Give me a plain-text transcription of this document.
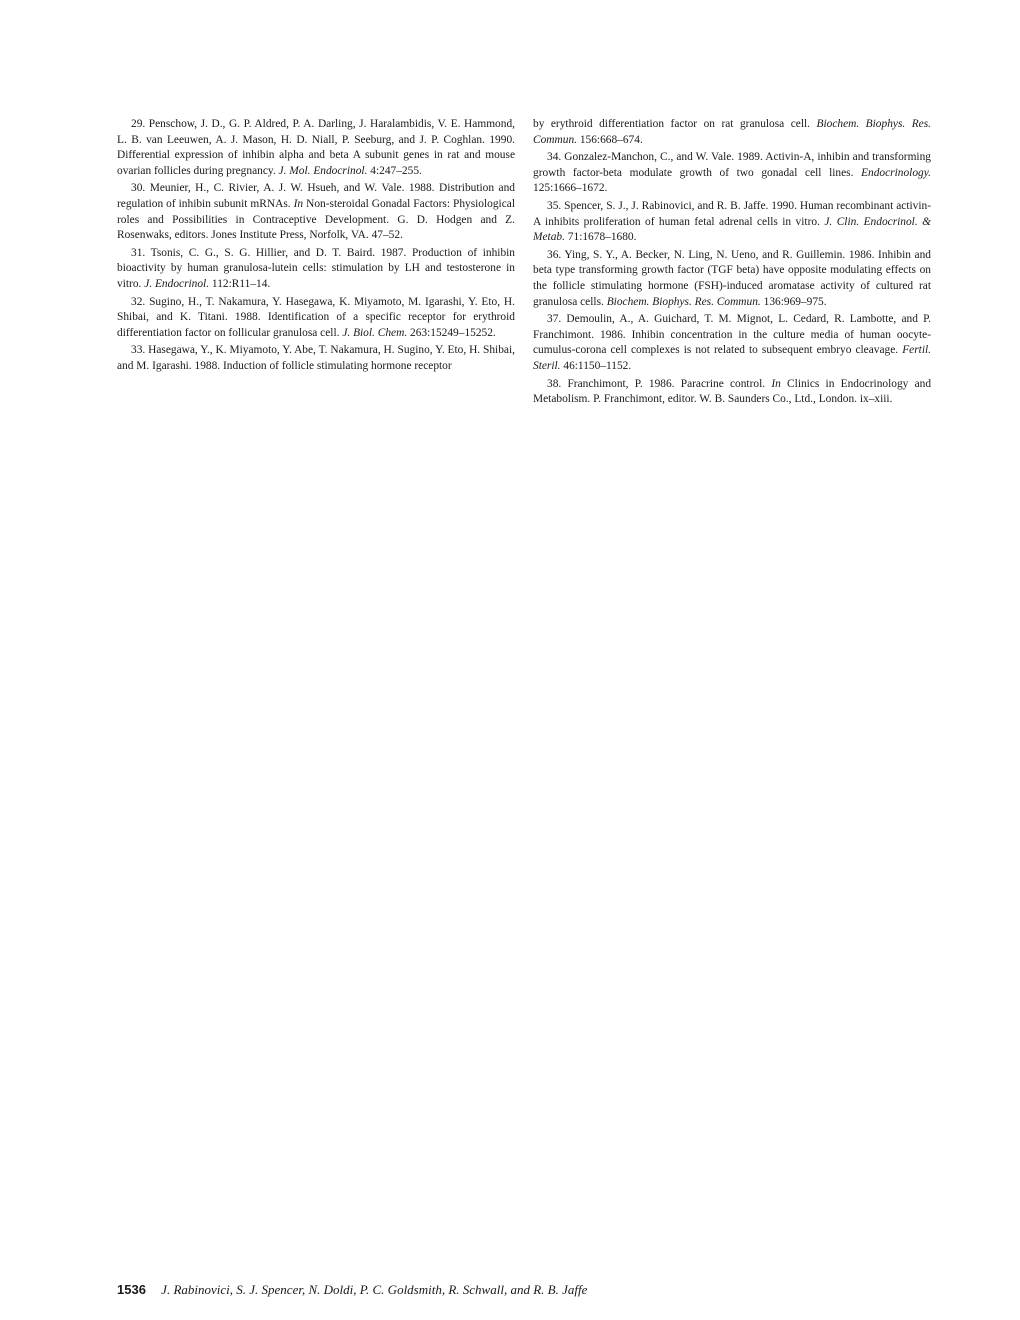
29. Penschow, J. D., G. P. Aldred, P. A. Darling, J. Haralambidis, V. E. Hammond, L. B. van Leeuwen, A. J. Mason, H. D. Niall, P. Seeburg, and J. P. Coghlan. 1990. Differential expression of inhibin alpha and beta A subunit genes in rat and mouse ovarian follicles during pregnancy. J. Mol. Endocrinol. 4:247–255.

30. Meunier, H., C. Rivier, A. J. W. Hsueh, and W. Vale. 1988. Distribution and regulation of inhibin subunit mRNAs. In Non-steroidal Gonadal Factors: Physiological roles and Possibilities in Contraceptive Development. G. D. Hodgen and Z. Rosenwaks, editors. Jones Institute Press, Norfolk, VA. 47–52.

31. Tsonis, C. G., S. G. Hillier, and D. T. Baird. 1987. Production of inhibin bioactivity by human granulosa-lutein cells: stimulation by LH and testosterone in vitro. J. Endocrinol. 112:R11–14.

32. Sugino, H., T. Nakamura, Y. Hasegawa, K. Miyamoto, M. Igarashi, Y. Eto, H. Shibai, and K. Titani. 1988. Identification of a specific receptor for erythroid differentiation factor on follicular granulosa cell. J. Biol. Chem. 263:15249–15252.

33. Hasegawa, Y., K. Miyamoto, Y. Abe, T. Nakamura, H. Sugino, Y. Eto, H. Shibai, and M. Igarashi. 1988. Induction of follicle stimulating hormone receptor

by erythroid differentiation factor on rat granulosa cell. Biochem. Biophys. Res. Commun. 156:668–674.

34. Gonzalez-Manchon, C., and W. Vale. 1989. Activin-A, inhibin and transforming growth factor-beta modulate growth of two gonadal cell lines. Endocrinology. 125:1666–1672.

35. Spencer, S. J., J. Rabinovici, and R. B. Jaffe. 1990. Human recombinant activin-A inhibits proliferation of human fetal adrenal cells in vitro. J. Clin. Endocrinol. & Metab. 71:1678–1680.

36. Ying, S. Y., A. Becker, N. Ling, N. Ueno, and R. Guillemin. 1986. Inhibin and beta type transforming growth factor (TGF beta) have opposite modulating effects on the follicle stimulating hormone (FSH)-induced aromatase activity of cultured rat granulosa cells. Biochem. Biophys. Res. Commun. 136:969–975.

37. Demoulin, A., A. Guichard, T. M. Mignot, L. Cedard, R. Lambotte, and P. Franchimont. 1986. Inhibin concentration in the culture media of human oocyte-cumulus-corona cell complexes is not related to subsequent embryo cleavage. Fertil. Steril. 46:1150–1152.

38. Franchimont, P. 1986. Paracrine control. In Clinics in Endocrinology and Metabolism. P. Franchimont, editor. W. B. Saunders Co., Ltd., London. ix–xiii.

1536 J. Rabinovici, S. J. Spencer, N. Doldi, P. C. Goldsmith, R. Schwall, and R. B. Jaffe
